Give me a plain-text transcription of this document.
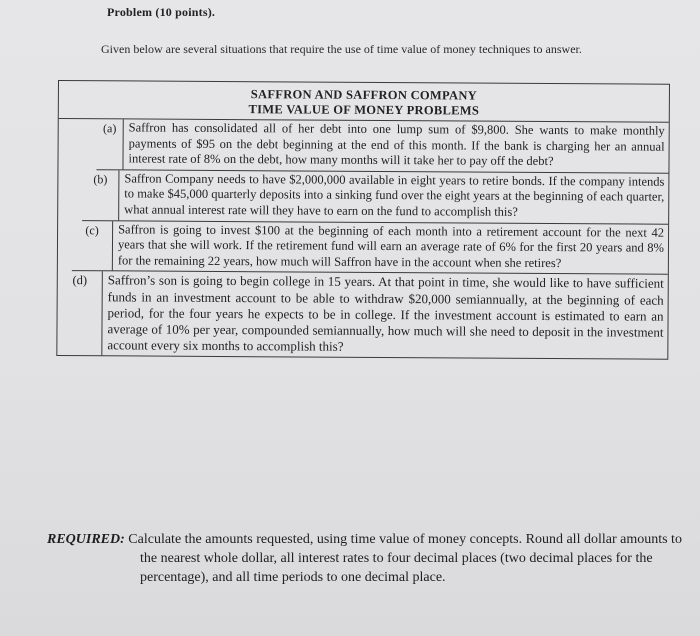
Problem (10 points).
Given below are several situations that require the use of time value of money techniques to answer.
SAFFRON AND SAFFRON COMPANY
TIME VALUE OF MONEY PROBLEMS
(a) Saffron has consolidated all of her debt into one lump sum of $9,800. She wants to make monthly payments of $95 on the debt beginning at the end of this month. If the bank is charging her an annual interest rate of 8% on the debt, how many months will it take her to pay off the debt?
(b)	Saffron Company needs to have $2,000,000 available in eight years to retire bonds. If the company intends to make $45,000 quarterly deposits into a sinking fund over the eight years at the beginning of each quarter, what annual interest rate will they have to earn on the fund to accomplish this?
(c)	Saffron is going to invest $100 at the beginning of each month into a retirement account for the next 42 years that she will work. If the retirement fund will earn an average rate of 6% for the first 20 years and 8% for the remaining 22 years, how much will Saffron have in the account when she retires?
(d)	Saffron’s son is going to begin college in 15 years. At that point in time, she would like to have sufficient funds in an investment account to be able to withdraw $20,000 semiannually, at the beginning of each period, for the four years he expects to be in college. If the investment account is estimated to earn an average of 10% per year, compounded semiannually, how much will she need to deposit in the investment account every six months to accomplish this?
REQUIRED: Calculate the amounts requested, using time value of money concepts. Round all dollar amounts to the nearest whole dollar, all interest rates to four decimal places (two decimal places for the percentage), and all time periods to one decimal place.
